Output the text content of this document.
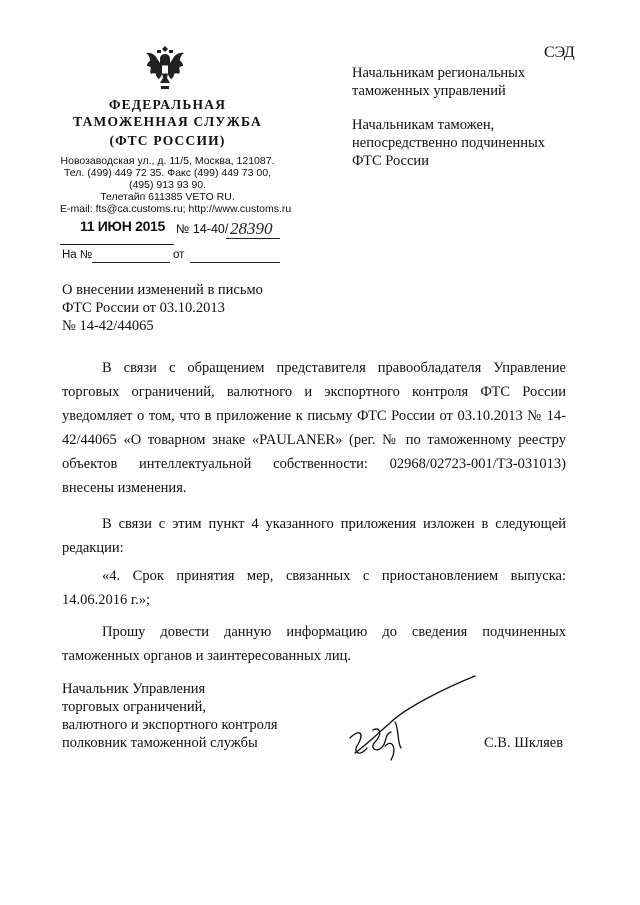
СЭД
ФЕДЕРАЛЬНАЯ
ТАМОЖЕННАЯ СЛУЖБА
(ФТС РОССИИ)
Новозаводская ул., д. 11/5, Москва, 121087.
Тел. (499) 449 72 35. Факс (499) 449 73 00,
(495) 913 93 90.
Телетайп 611385 VETO RU.
E-mail: fts@ca.customs.ru; http://www.customs.ru
11 ИЮН 2015 № 14-40/ 28390
На №	от
Начальникам региональных
таможенных управлений
Начальникам таможен,
непосредственно подчиненных
ФТС России
О внесении изменений в письмо
ФТС России от 03.10.2013
№ 14-42/44065

В связи с обращением представителя правообладателя Управление торговых ограничений, валютного и экспортного контроля ФТС России уведомляет о том, что в приложение к письму ФТС России от 03.10.2013 № 14-42/44065 «О товарном знаке «PAULANER» (рег. № по таможенному реестру объектов интеллектуальной собственности: 02968/02723-001/ТЗ-031013) внесены изменения.

В связи с этим пункт 4 указанного приложения изложен в следующей редакции:

«4. Срок принятия мер, связанных с приостановлением выпуска: 14.06.2016 г.»;

Прошу довести данную информацию до сведения подчиненных таможенных органов и заинтересованных лиц.

Начальник Управления
торговых ограничений,
валютного и экспортного контроля
полковник таможенной службы	С.В. Шкляев
